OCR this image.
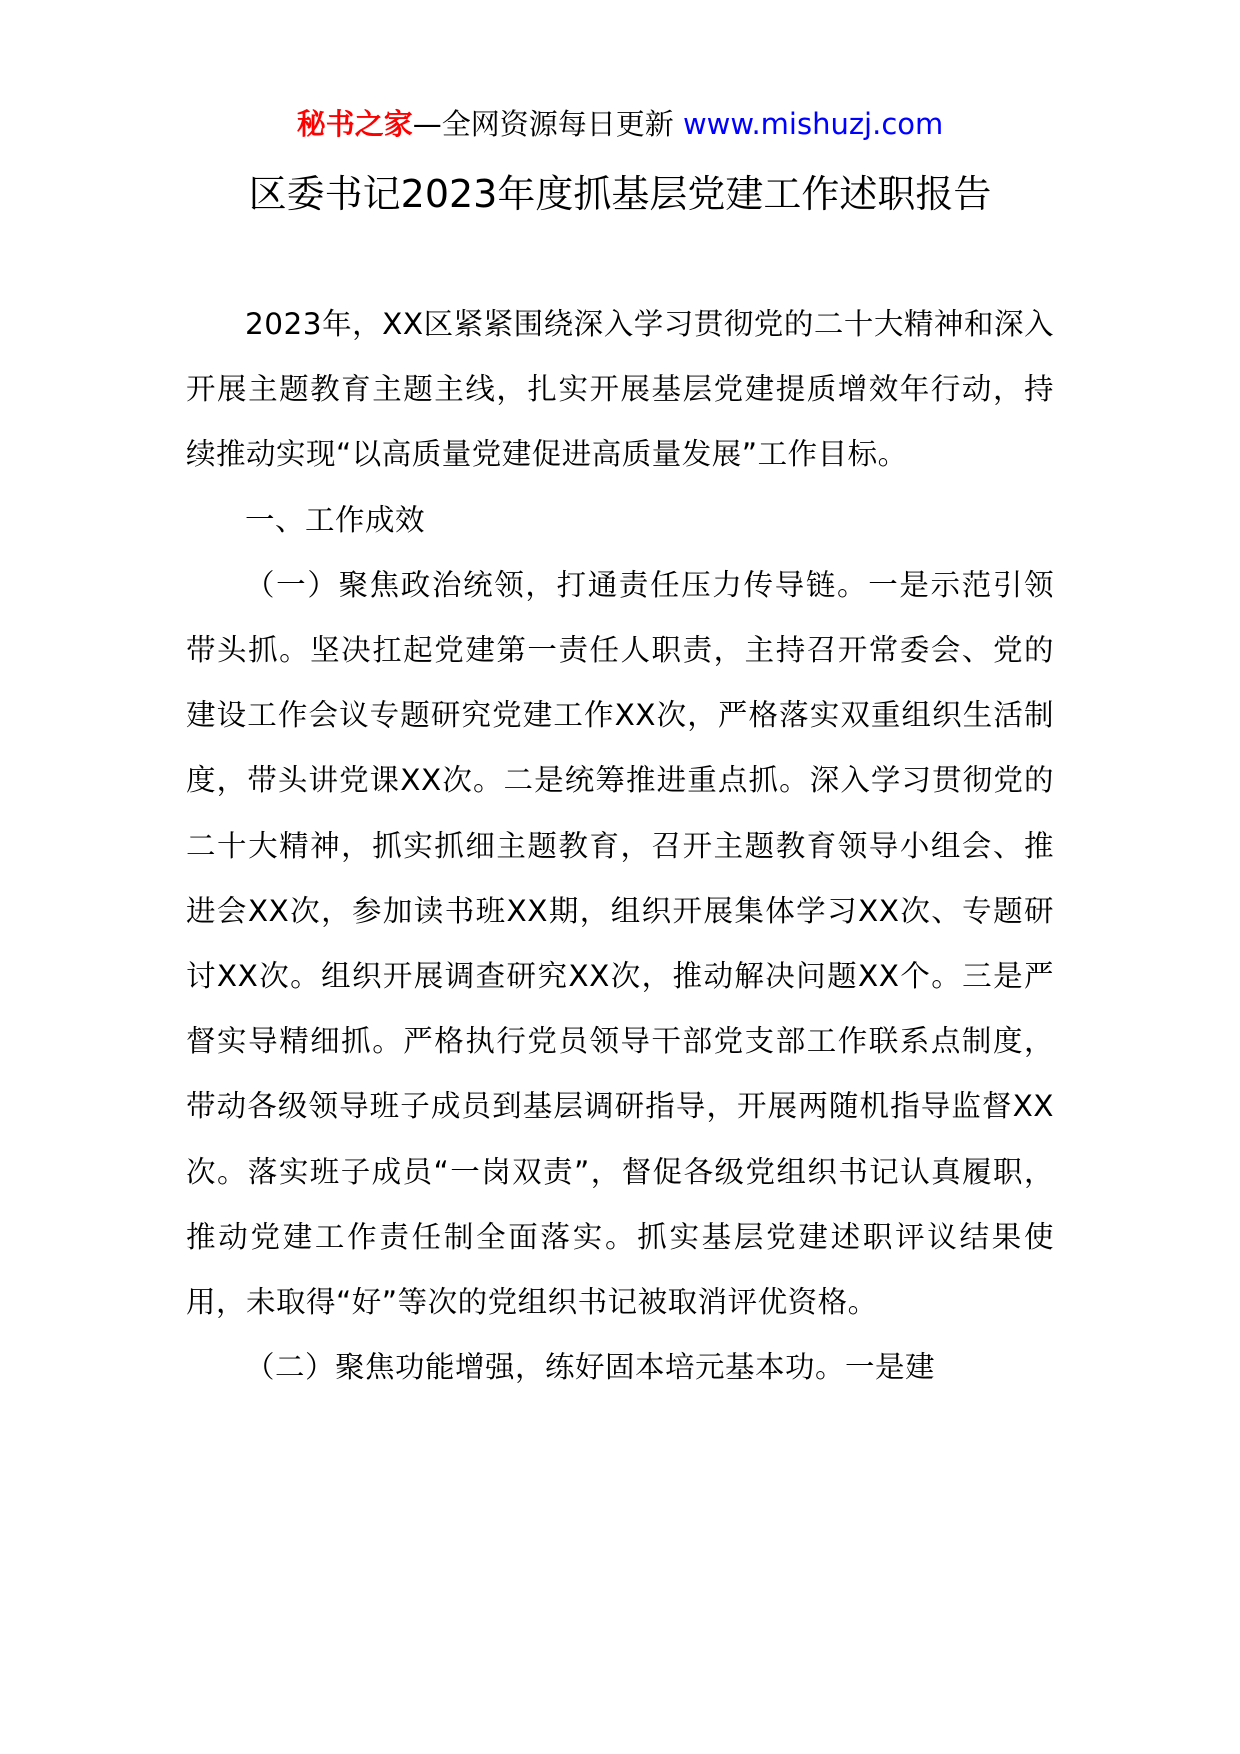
秘书之家—全网资源每日更新 www.mishuzj.com
区委书记2023年度抓基层党建工作述职报告

2023年，XX区紧紧围绕深入学习贯彻党的二十大精神和深入开展主题教育主题主线，扎实开展基层党建提质增效年行动，持续推动实现“以高质量党建促进高质量发展”工作目标。

一、工作成效

（一）聚焦政治统领，打通责任压力传导链。一是示范引领带头抓。坚决扛起党建第一责任人职责，主持召开常委会、党的建设工作会议专题研究党建工作XX次，严格落实双重组织生活制度，带头讲党课XX次。二是统筹推进重点抓。深入学习贯彻党的二十大精神，抓实抓细主题教育，召开主题教育领导小组会、推进会XX次，参加读书班XX期，组织开展集体学习XX次、专题研讨XX次。组织开展调查研究XX次，推动解决问题XX个。三是严督实导精细抓。严格执行党员领导干部党支部工作联系点制度，带动各级领导班子成员到基层调研指导，开展两随机指导监督XX次。落实班子成员“一岗双责”，督促各级党组织书记认真履职，推动党建工作责任制全面落实。抓实基层党建述职评议结果使用，未取得“好”等次的党组织书记被取消评优资格。

（二）聚焦功能增强，练好固本培元基本功。一是建
